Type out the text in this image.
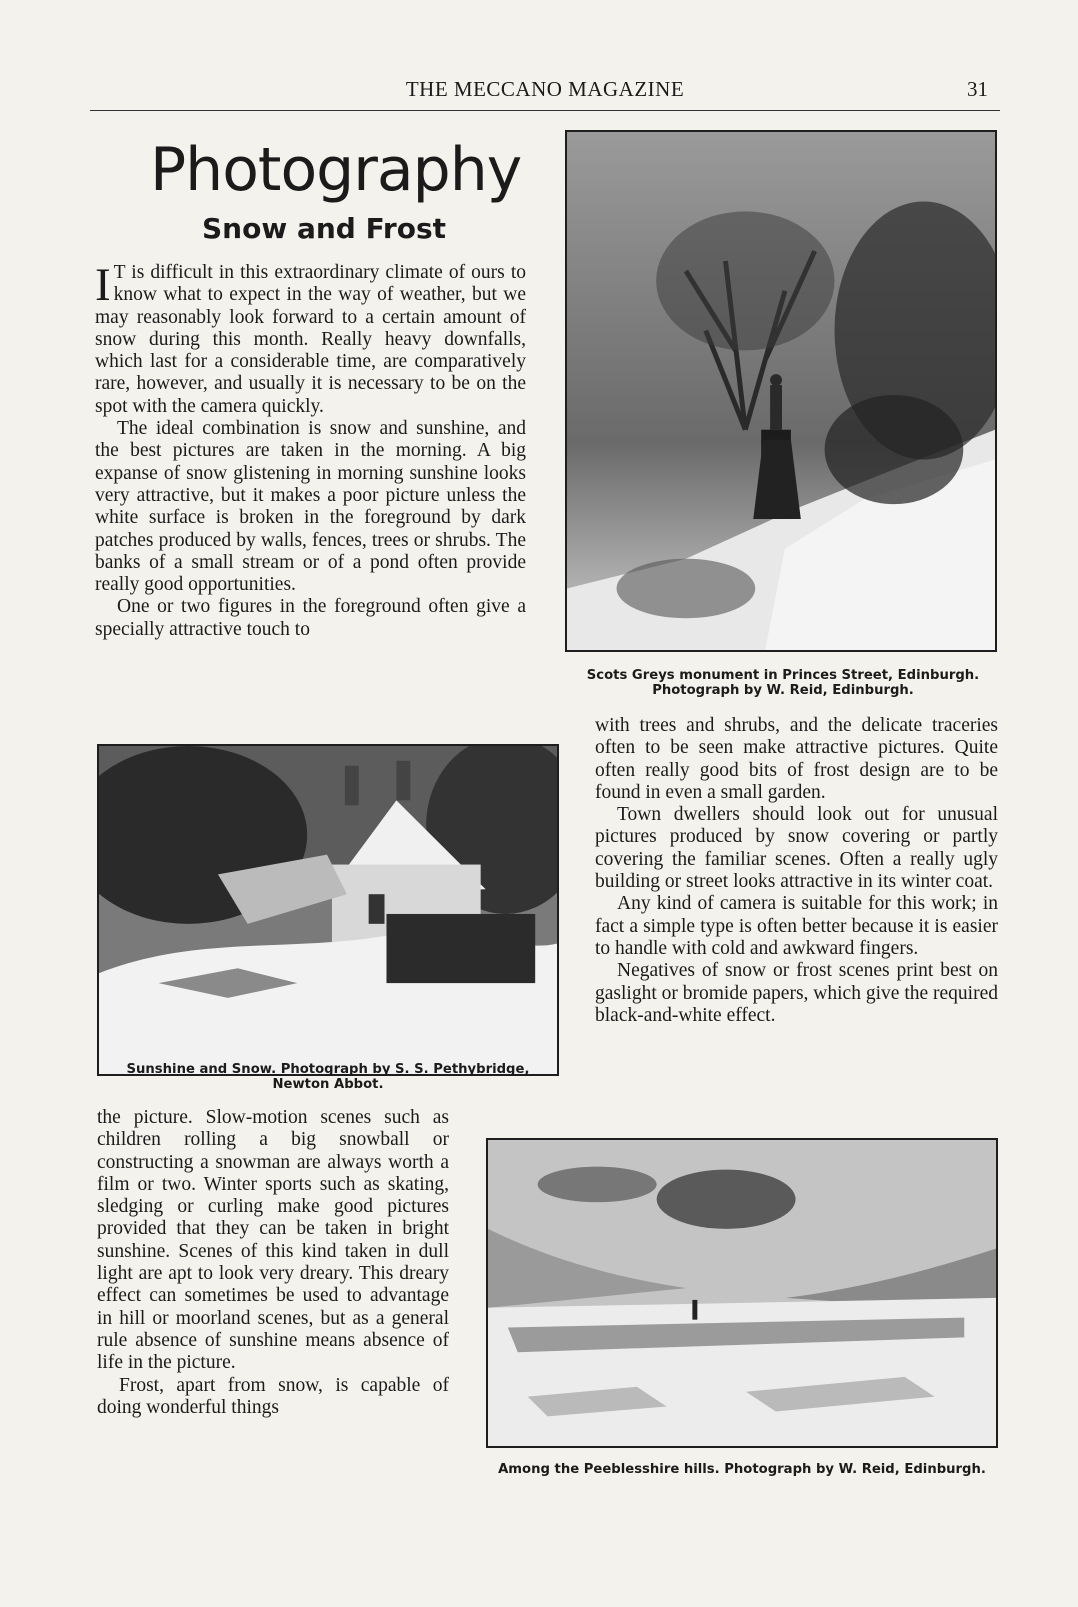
THE MECCANO MAGAZINE	31
Photography
Snow and Frost

I T is difficult in this extraordinary climate of ours to know what to expect in the way of weather, but we may reasonably look forward to a certain amount of snow during this month. Really heavy downfalls, which last for a considerable time, are comparatively rare, however, and usually it is necessary to be on the spot with the camera quickly.

The ideal combination is snow and sunshine, and the best pictures are taken in the morning. A big expanse of snow glistening in morning sunshine looks very attractive, but it makes a poor picture unless the white surface is broken in the foreground by dark patches produced by walls, fences, trees or shrubs. The banks of a small stream or of a pond often provide really good opportunities.

One or two figures in the foreground often give a specially attractive touch to

the picture. Slow-motion scenes such as children rolling a big snowball or constructing a snowman are always worth a film or two. Winter sports such as skating, sledging or curling make good pictures provided that they can be taken in bright sunshine. Scenes of this kind taken in dull light are apt to look very dreary. This dreary effect can sometimes be used to advantage in hill or moorland scenes, but as a general rule absence of sunshine means absence of life in the picture.

Frost, apart from snow, is capable of doing wonderful things

with trees and shrubs, and the delicate traceries often to be seen make attractive pictures. Quite often really good bits of frost design are to be found in even a small garden.

Town dwellers should look out for unusual pictures produced by snow covering or partly covering the familiar scenes. Often a really ugly building or street looks attractive in its winter coat.

Any kind of camera is suitable for this work; in fact a simple type is often better because it is easier to handle with cold and awkward fingers.

Negatives of snow or frost scenes print best on gaslight or bromide papers, which give the required black-and-white effect.

Scots Greys monument in Princes Street, Edinburgh.
Photograph by W. Reid, Edinburgh.
Sunshine and Snow. Photograph by S. S. Pethybridge,
Newton Abbot.
Among the Peeblesshire hills. Photograph by W. Reid, Edinburgh.
